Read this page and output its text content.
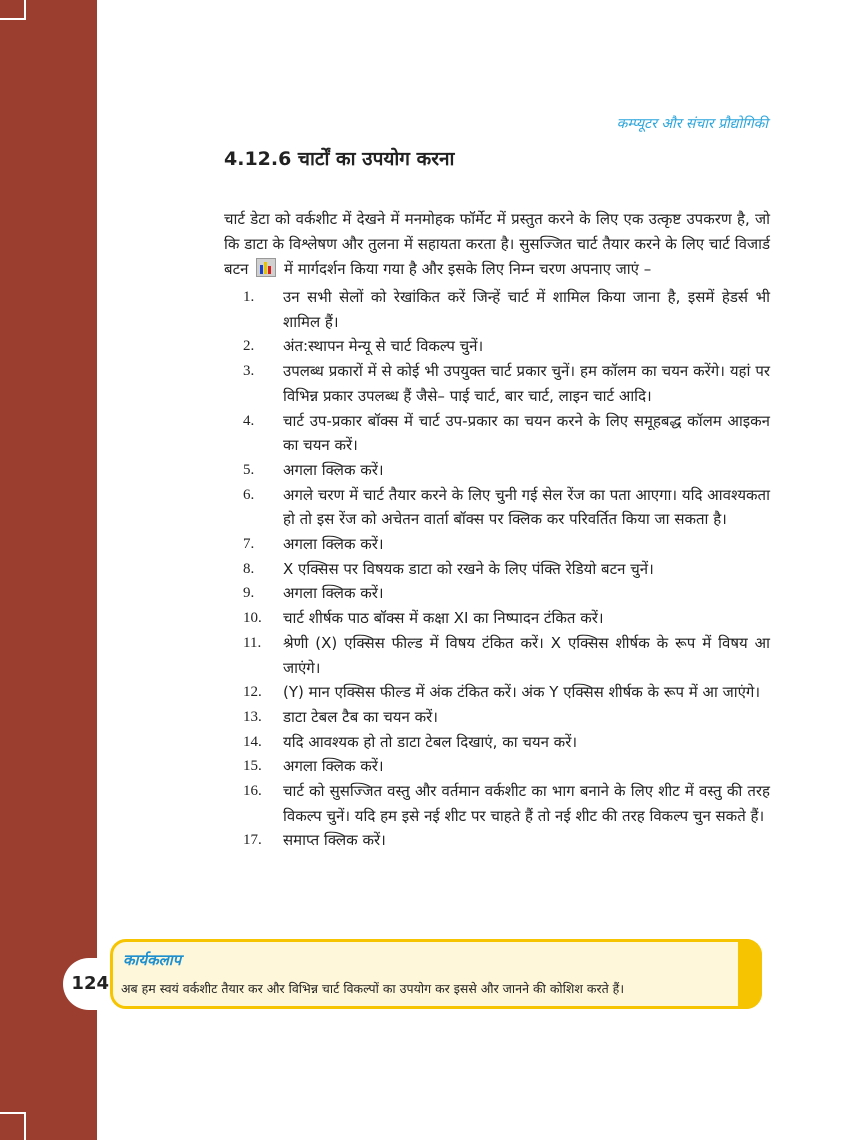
कम्प्यूटर और संचार प्रौद्योगिकी
4.12.6 चार्टों का उपयोग करना
चार्ट डेटा को वर्कशीट में देखने में मनमोहक फॉर्मेट में प्रस्तुत करने के लिए एक उत्कृष्ट उपकरण है, जो कि डाटा के विश्लेषण और तुलना में सहायता करता है। सुसज्जित चार्ट तैयार करने के लिए चार्ट विजार्ड बटन में मार्गदर्शन किया गया है और इसके लिए निम्न चरण अपनाए जाएं –
1.	उन सभी सेलों को रेखांकित करें जिन्हें चार्ट में शामिल किया जाना है, इसमें हेडर्स भी शामिल हैं।
2.	अंत:स्थापन मेन्यू से चार्ट विकल्प चुनें।
3.	उपलब्ध प्रकारों में से कोई भी उपयुक्त चार्ट प्रकार चुनें। हम कॉलम का चयन करेंगे। यहां पर विभिन्न प्रकार उपलब्ध हैं जैसे– पाई चार्ट, बार चार्ट, लाइन चार्ट आदि।
4.	चार्ट उप-प्रकार बॉक्स में चार्ट उप-प्रकार का चयन करने के लिए समूहबद्ध कॉलम आइकन का चयन करें।
5.	अगला क्लिक करें।
6.	अगले चरण में चार्ट तैयार करने के लिए चुनी गई सेल रेंज का पता आएगा। यदि आवश्यकता हो तो इस रेंज को अचेतन वार्ता बॉक्स पर क्लिक कर परिवर्तित किया जा सकता है।
7.	अगला क्लिक करें।
8.	X एक्सिस पर विषयक डाटा को रखने के लिए पंक्ति रेडियो बटन चुनें।
9.	अगला क्लिक करें।
10.	चार्ट शीर्षक पाठ बॉक्स में कक्षा XI का निष्पादन टंकित करें।
11.	श्रेणी (X) एक्सिस फील्ड में विषय टंकित करें। X एक्सिस शीर्षक के रूप में विषय आ जाएंगे।
12.	(Y) मान एक्सिस फील्ड में अंक टंकित करें। अंक Y एक्सिस शीर्षक के रूप में आ जाएंगे।
13.	डाटा टेबल टैब का चयन करें।
14.	यदि आवश्यक हो तो डाटा टेबल दिखाएं, का चयन करें।
15.	अगला क्लिक करें।
16.	चार्ट को सुसज्जित वस्तु और वर्तमान वर्कशीट का भाग बनाने के लिए शीट में वस्तु की तरह विकल्प चुनें। यदि हम इसे नई शीट पर चाहते हैं तो नई शीट की तरह विकल्प चुन सकते हैं।
17.	समाप्त क्लिक करें।
124
कार्यकलाप
अब हम स्वयं वर्कशीट तैयार कर और विभिन्न चार्ट विकल्पों का उपयोग कर इससे और जानने की कोशिश करते हैं।
